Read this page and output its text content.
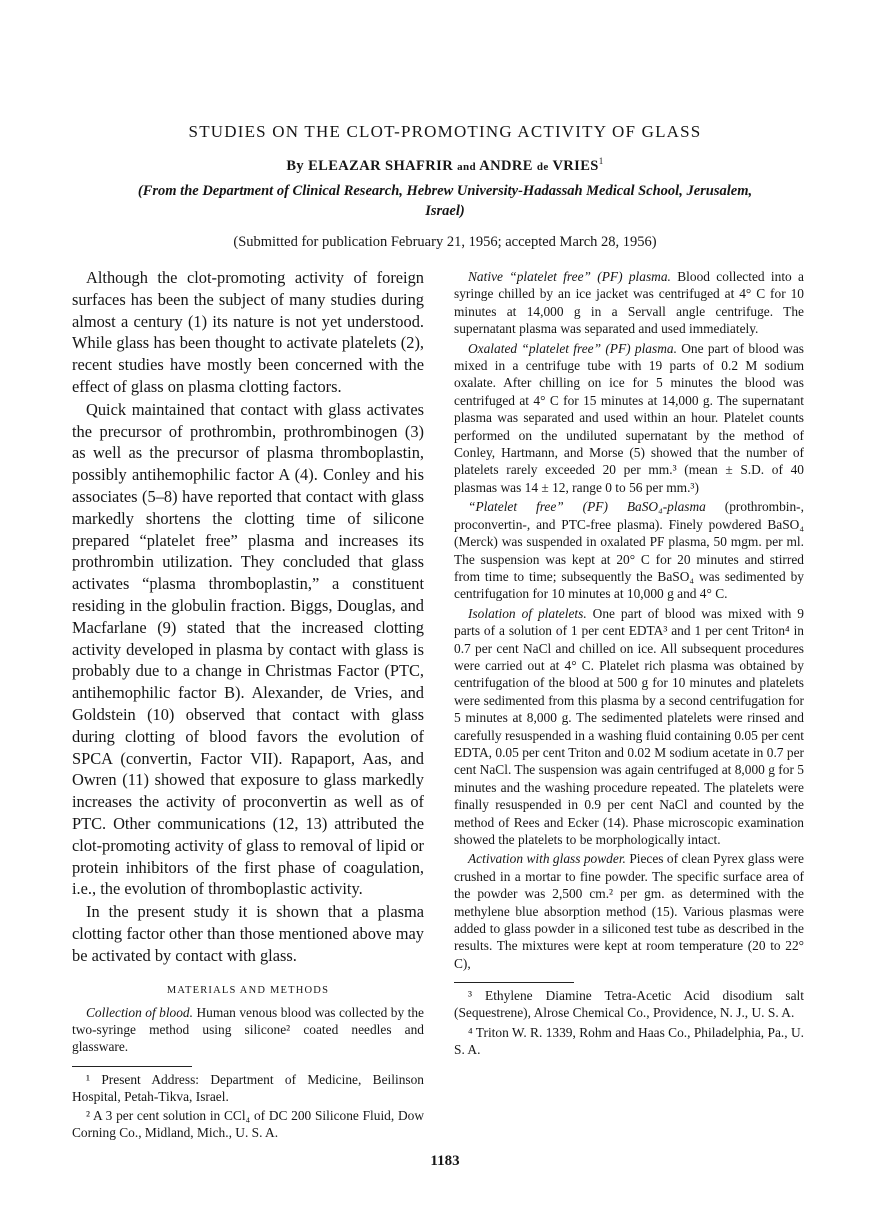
STUDIES ON THE CLOT-PROMOTING ACTIVITY OF GLASS

By ELEAZAR SHAFRIR and ANDRE de VRIES$^1$

(From the Department of Clinical Research, Hebrew University-Hadassah Medical School, Jerusalem, Israel)

(Submitted for publication February 21, 1956; accepted March 28, 1956)

Although the clot-promoting activity of foreign surfaces has been the subject of many studies during almost a century (1) its nature is not yet understood. While glass has been thought to activate platelets (2), recent studies have mostly been concerned with the effect of glass on plasma clotting factors.

Quick maintained that contact with glass activates the precursor of prothrombin, prothrombinogen (3) as well as the precursor of plasma thromboplastin, possibly antihemophilic factor A (4). Conley and his associates (5–8) have reported that contact with glass markedly shortens the clotting time of silicone prepared “platelet free” plasma and increases its prothrombin utilization. They concluded that glass activates “plasma thromboplastin,” a constituent residing in the globulin fraction. Biggs, Douglas, and Macfarlane (9) stated that the increased clotting activity developed in plasma by contact with glass is probably due to a change in Christmas Factor (PTC, antihemophilic factor B). Alexander, de Vries, and Goldstein (10) observed that contact with glass during clotting of blood favors the evolution of SPCA (convertin, Factor VII). Rapaport, Aas, and Owren (11) showed that exposure to glass markedly increases the activity of proconvertin as well as of PTC. Other communications (12, 13) attributed the clot-promoting activity of glass to removal of lipid or protein inhibitors of the first phase of coagulation, i.e., the evolution of thromboplastic activity.

In the present study it is shown that a plasma clotting factor other than those mentioned above may be activated by contact with glass.

MATERIALS AND METHODS

Collection of blood. Human venous blood was collected by the two-syringe method using silicone² coated needles and glassware.

¹ Present Address: Department of Medicine, Beilinson Hospital, Petah-Tikva, Israel.

² A 3 per cent solution in CCl₄ of DC 200 Silicone Fluid, Dow Corning Co., Midland, Mich., U. S. A.

Native “platelet free” (PF) plasma. Blood collected into a syringe chilled by an ice jacket was centrifuged at 4° C for 10 minutes at 14,000 g in a Servall angle centrifuge. The supernatant plasma was separated and used immediately.

Oxalated “platelet free” (PF) plasma. One part of blood was mixed in a centrifuge tube with 19 parts of 0.2 M sodium oxalate. After chilling on ice for 5 minutes the blood was centrifuged at 4° C for 15 minutes at 14,000 g. The supernatant plasma was separated and used within an hour. Platelet counts performed on the undiluted supernatant by the method of Conley, Hartmann, and Morse (5) showed that the number of platelets rarely exceeded 20 per mm.³ (mean ± S.D. of 40 plasmas was 14 ± 12, range 0 to 56 per mm.³)

“Platelet free” (PF) BaSO₄-plasma (prothrombin-, proconvertin-, and PTC-free plasma). Finely powdered BaSO₄ (Merck) was suspended in oxalated PF plasma, 50 mgm. per ml. The suspension was kept at 20° C for 20 minutes and stirred from time to time; subsequently the BaSO₄ was sedimented by centrifugation for 10 minutes at 10,000 g and 4° C.

Isolation of platelets. One part of blood was mixed with 9 parts of a solution of 1 per cent EDTA³ and 1 per cent Triton⁴ in 0.7 per cent NaCl and chilled on ice. All subsequent procedures were carried out at 4° C. Platelet rich plasma was obtained by centrifugation of the blood at 500 g for 10 minutes and platelets were sedimented from this plasma by a second centrifugation for 5 minutes at 8,000 g. The sedimented platelets were rinsed and carefully resuspended in a washing fluid containing 0.05 per cent EDTA, 0.05 per cent Triton and 0.02 M sodium acetate in 0.7 per cent NaCl. The suspension was again centrifuged at 8,000 g for 5 minutes and the washing procedure repeated. The platelets were finally resuspended in 0.9 per cent NaCl and counted by the method of Rees and Ecker (14). Phase microscopic examination showed the platelets to be morphologically intact.

Activation with glass powder. Pieces of clean Pyrex glass were crushed in a mortar to fine powder. The specific surface area of the powder was 2,500 cm.² per gm. as determined with the methylene blue absorption method (15). Various plasmas were added to glass powder in a siliconed test tube as described in the results. The mixtures were kept at room temperature (20 to 22° C),

³ Ethylene Diamine Tetra-Acetic Acid disodium salt (Sequestrene), Alrose Chemical Co., Providence, N. J., U. S. A.

⁴ Triton W. R. 1339, Rohm and Haas Co., Philadelphia, Pa., U. S. A.

1183
